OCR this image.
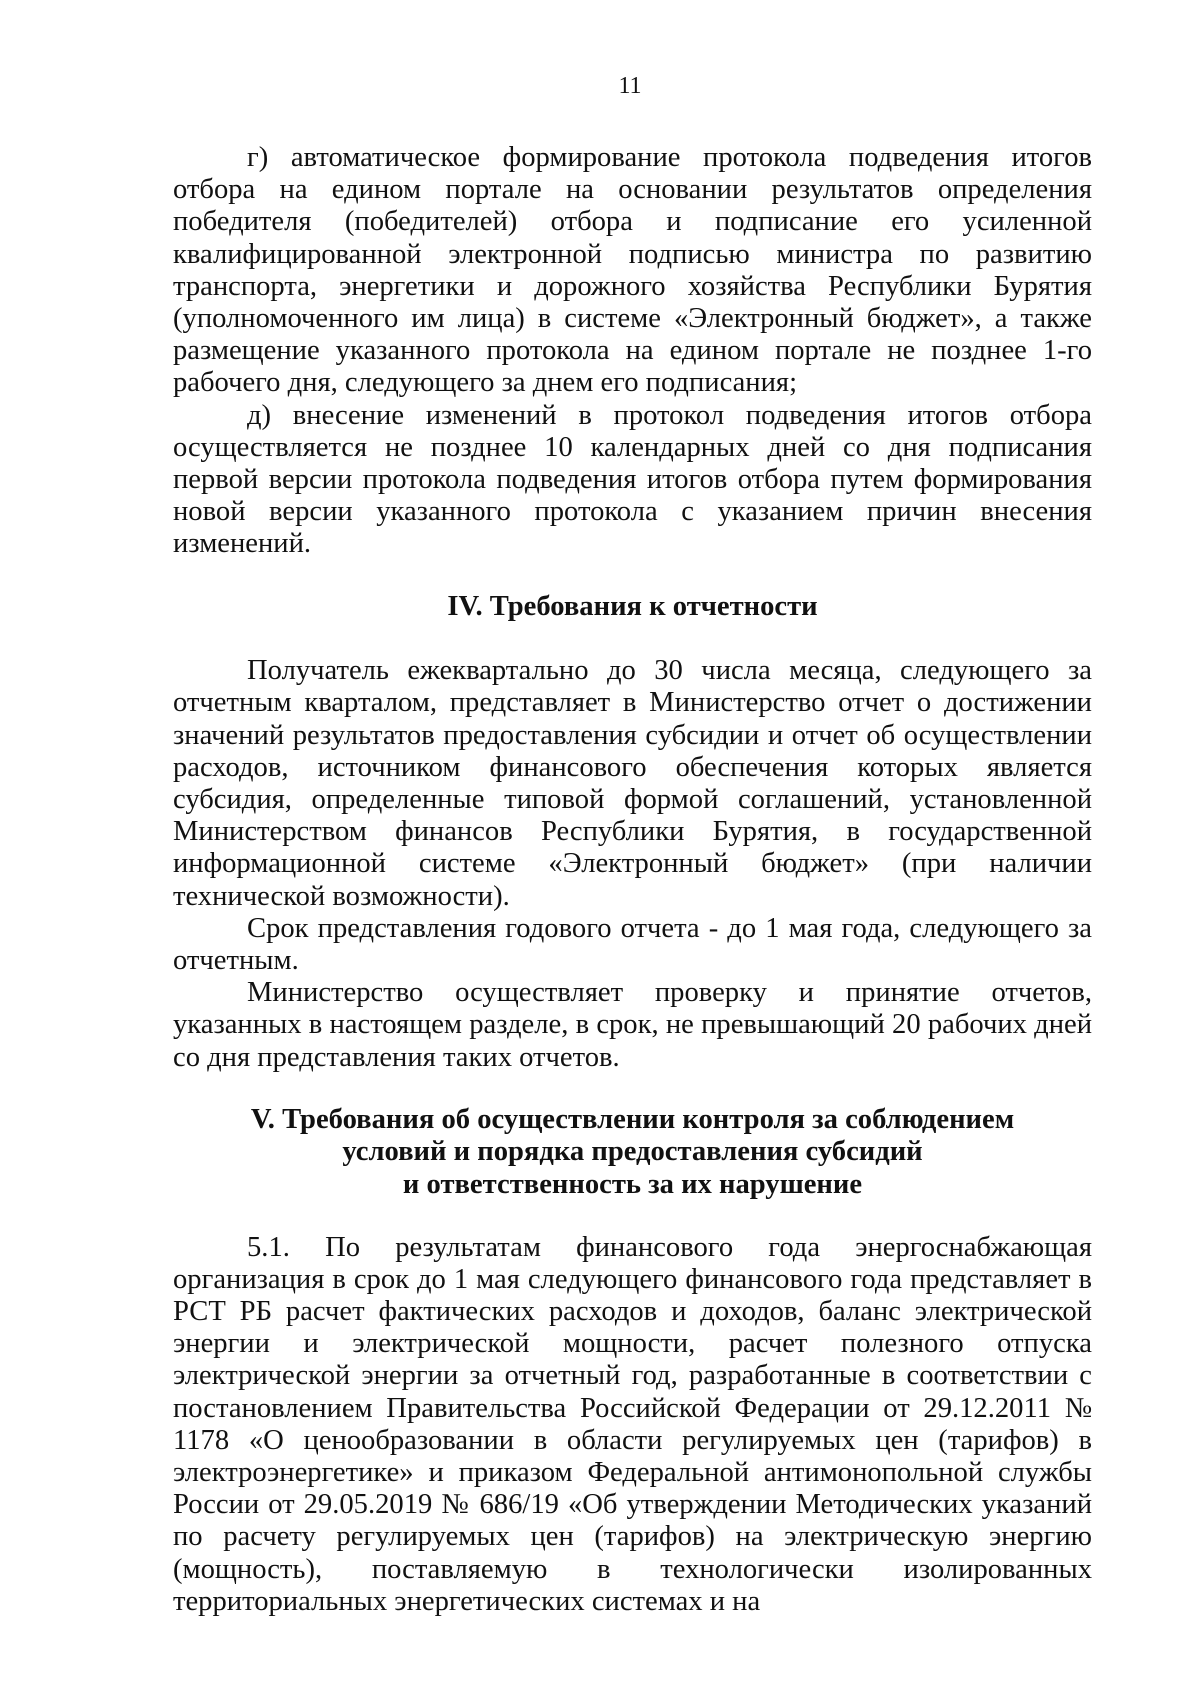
11

г) автоматическое формирование протокола подведения итогов отбора на едином портале на основании результатов определения победителя (победителей) отбора и подписание его усиленной квалифицированной электронной подписью министра по развитию транспорта, энергетики и дорожного хозяйства Республики Бурятия (уполномоченного им лица) в системе «Электронный бюджет», а также размещение указанного протокола на едином портале не позднее 1-го рабочего дня, следующего за днем его подписания;

д) внесение изменений в протокол подведения итогов отбора осуществляется не позднее 10 календарных дней со дня подписания первой версии протокола подведения итогов отбора путем формирования новой версии указанного протокола с указанием причин внесения изменений.

IV. Требования к отчетности

Получатель ежеквартально до 30 числа месяца, следующего за отчетным кварталом, представляет в Министерство отчет о достижении значений результатов предоставления субсидии и отчет об осуществлении расходов, источником финансового обеспечения которых является субсидия, определенные типовой формой соглашений, установленной Министерством финансов Республики Бурятия, в государственной информационной системе «Электронный бюджет» (при наличии технической возможности).

Срок представления годового отчета - до 1 мая года, следующего за отчетным.

Министерство осуществляет проверку и принятие отчетов, указанных в настоящем разделе, в срок, не превышающий 20 рабочих дней со дня представления таких отчетов.

V. Требования об осуществлении контроля за соблюдением
условий и порядка предоставления субсидий
и ответственность за их нарушение

5.1. По результатам финансового года энергоснабжающая организация в срок до 1 мая следующего финансового года представляет в РСТ РБ расчет фактических расходов и доходов, баланс электрической энергии и электрической мощности, расчет полезного отпуска электрической энергии за отчетный год, разработанные в соответствии с постановлением Правительства Российской Федерации от 29.12.2011 № 1178 «О ценообразовании в области регулируемых цен (тарифов) в электроэнергетике» и приказом Федеральной антимонопольной службы России от 29.05.2019 № 686/19 «Об утверждении Методических указаний по расчету регулируемых цен (тарифов) на электрическую энергию (мощность), поставляемую в технологически изолированных территориальных энергетических системах и на
